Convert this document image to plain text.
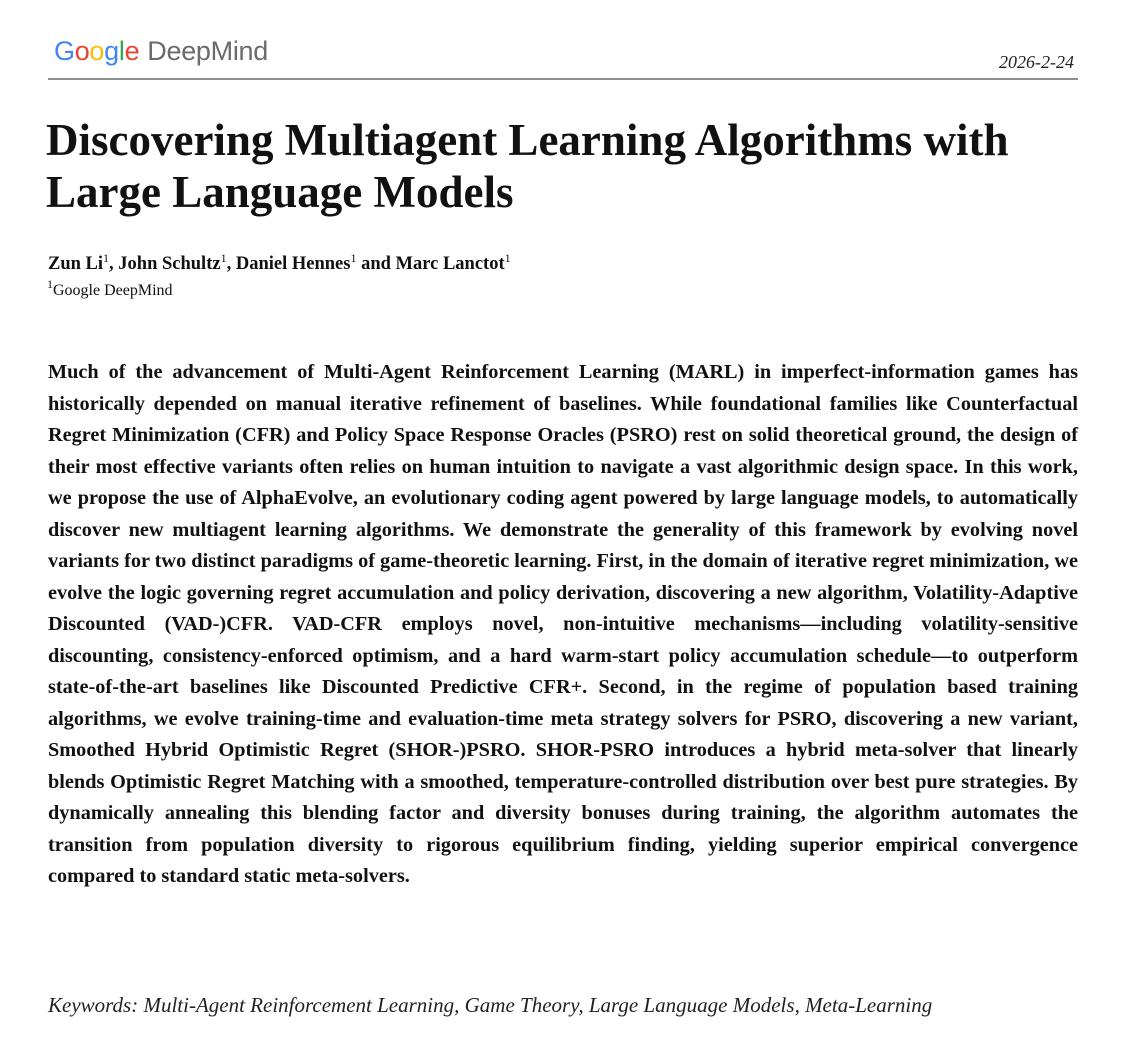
Google DeepMind	2026-2-24
Discovering Multiagent Learning Algorithms with Large Language Models
Zun Li$^1$, John Schultz$^1$, Daniel Hennes$^1$ and Marc Lanctot$^1$
$^1$Google DeepMind

Much of the advancement of Multi-Agent Reinforcement Learning (MARL) in imperfect-information games has historically depended on manual iterative refinement of baselines. While foundational families like Counterfactual Regret Minimization (CFR) and Policy Space Response Oracles (PSRO) rest on solid theoretical ground, the design of their most effective variants often relies on human intuition to navigate a vast algorithmic design space. In this work, we propose the use of AlphaEvolve, an evolutionary coding agent powered by large language models, to automatically discover new multiagent learning algorithms. We demonstrate the generality of this framework by evolving novel variants for two distinct paradigms of game-theoretic learning. First, in the domain of iterative regret minimization, we evolve the logic governing regret accumulation and policy derivation, discovering a new algorithm, Volatility-Adaptive Discounted (VAD-)CFR. VAD-CFR employs novel, non-intuitive mechanisms—including volatility-sensitive discounting, consistency-enforced optimism, and a hard warm-start policy accumulation schedule—to outperform state-of-the-art baselines like Discounted Predictive CFR+. Second, in the regime of population based training algorithms, we evolve training-time and evaluation-time meta strategy solvers for PSRO, discovering a new variant, Smoothed Hybrid Optimistic Regret (SHOR-)PSRO. SHOR-PSRO introduces a hybrid meta-solver that linearly blends Optimistic Regret Matching with a smoothed, temperature-controlled distribution over best pure strategies. By dynamically annealing this blending factor and diversity bonuses during training, the algorithm automates the transition from population diversity to rigorous equilibrium finding, yielding superior empirical convergence compared to standard static meta-solvers.

Keywords: Multi-Agent Reinforcement Learning, Game Theory, Large Language Models, Meta-Learning
